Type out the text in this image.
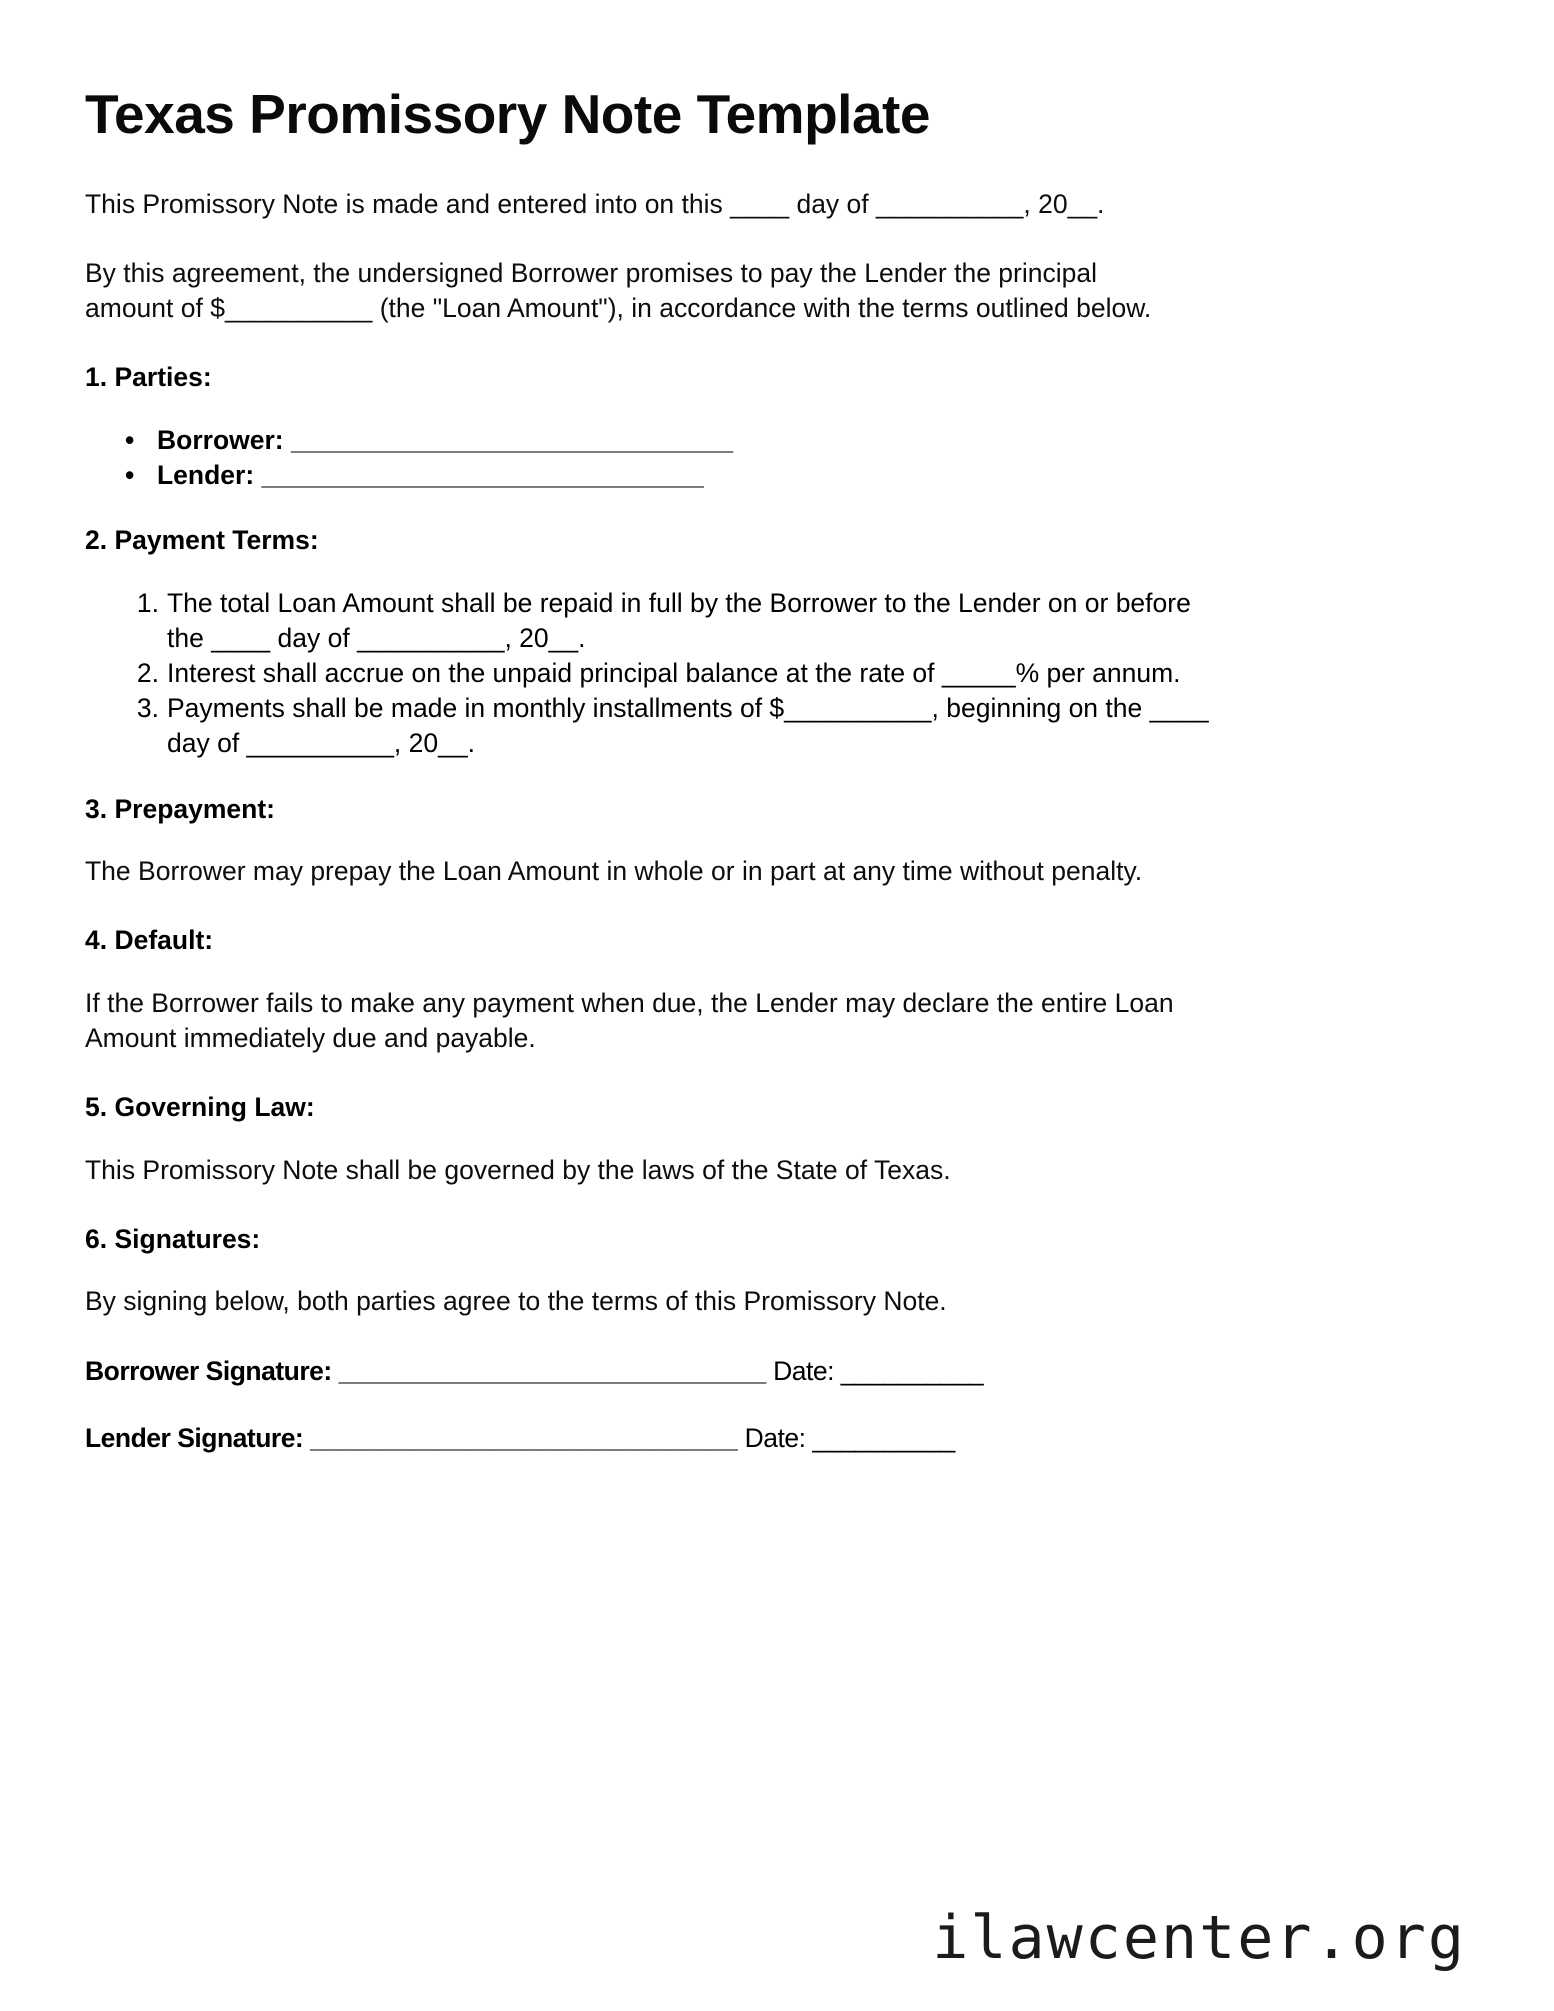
Texas Promissory Note Template

This Promissory Note is made and entered into on this ____ day of __________, 20__.

By this agreement, the undersigned Borrower promises to pay the Lender the principal amount of $__________ (the "Loan Amount"), in accordance with the terms outlined below.

1. Parties:
• Borrower: ______________________________
• Lender: ______________________________
2. Payment Terms:
1. The total Loan Amount shall be repaid in full by the Borrower to the Lender on or before the ____ day of __________, 20__.
2. Interest shall accrue on the unpaid principal balance at the rate of _____% per annum.
3. Payments shall be made in monthly installments of $__________, beginning on the ____ day of __________, 20__.
3. Prepayment:

The Borrower may prepay the Loan Amount in whole or in part at any time without penalty.

4. Default:

If the Borrower fails to make any payment when due, the Lender may declare the entire Loan Amount immediately due and payable.

5. Governing Law:

This Promissory Note shall be governed by the laws of the State of Texas.

6. Signatures:

By signing below, both parties agree to the terms of this Promissory Note.

Borrower Signature: ______________________________ Date: __________
Lender Signature: ______________________________ Date: __________
ilawcenter.org
